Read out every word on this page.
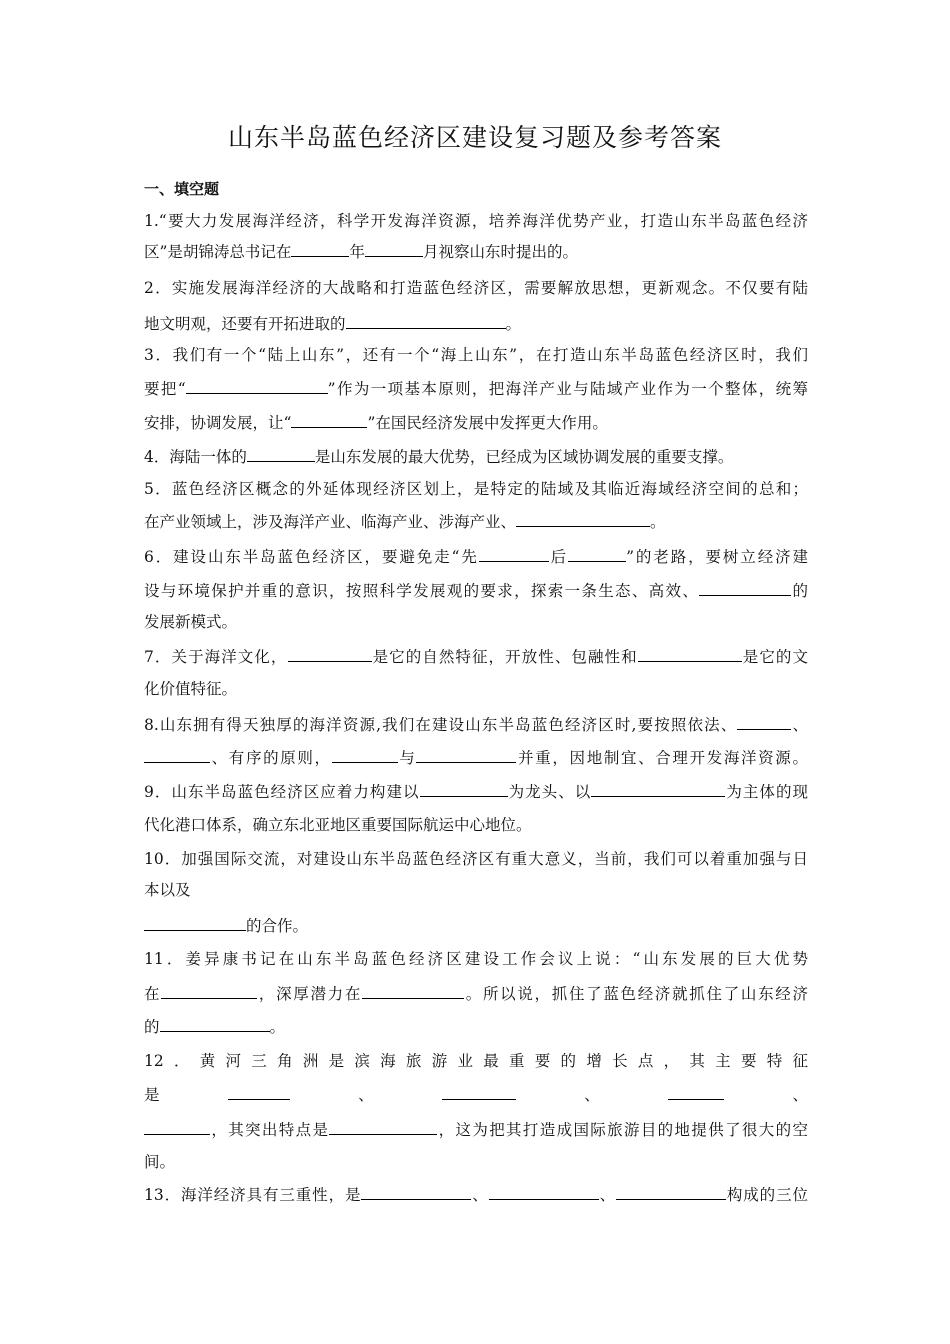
山东半岛蓝色经济区建设复习题及参考答案
一、填空题
1.“要大力发展海洋经济，科学开发海洋资源，培养海洋优势产业，打造山东半岛蓝色经济
区”是胡锦涛总书记在	年	月视察山东时提出的。
2．实施发展海洋经济的大战略和打造蓝色经济区，需要解放思想，更新观念。不仅要有陆
地文明观，还要有开拓进取的	。
3．我们有一个“陆上山东”，还有一个“海上山东”，在打造山东半岛蓝色经济区时，我们
要把“	”作为一项基本原则，把海洋产业与陆域产业作为一个整体，统筹
安排，协调发展，让“	”在国民经济发展中发挥更大作用。
4．海陆一体的	是山东发展的最大优势，已经成为区域协调发展的重要支撑。
5．蓝色经济区概念的外延体现经济区划上，是特定的陆域及其临近海域经济空间的总和；
在产业领域上，涉及海洋产业、临海产业、涉海产业、	。
6．建设山东半岛蓝色经济区，要避免走“先	后	”的老路，要树立经济建
设与环境保护并重的意识，按照科学发展观的要求，探索一条生态、高效、	的
发展新模式。
7．关于海洋文化，	是它的自然特征，开放性、包融性和	是它的文
化价值特征。
8.山东拥有得天独厚的海洋资源,我们在建设山东半岛蓝色经济区时,要按照依法、	、
、有序的原则，	与	并重，因地制宜、合理开发海洋资源。
9．山东半岛蓝色经济区应着力构建以	为龙头、以	为主体的现
代化港口体系，确立东北亚地区重要国际航运中心地位。
10．加强国际交流，对建设山东半岛蓝色经济区有重大意义，当前，我们可以着重加强与日
本以及
的合作。
11．姜异康书记在山东半岛蓝色经济区建设工作会议上说：“山东发展的巨大优势
在	，深厚潜力在	。所以说，抓住了蓝色经济就抓住了山东经济
的	。
12．黄河三角洲是滨海旅游业最重要的增长点，其主要特征
是	、	、	、
，其突出特点是	，这为把其打造成国际旅游目的地提供了很大的空
间。
13．海洋经济具有三重性，是	、	、	构成的三位
